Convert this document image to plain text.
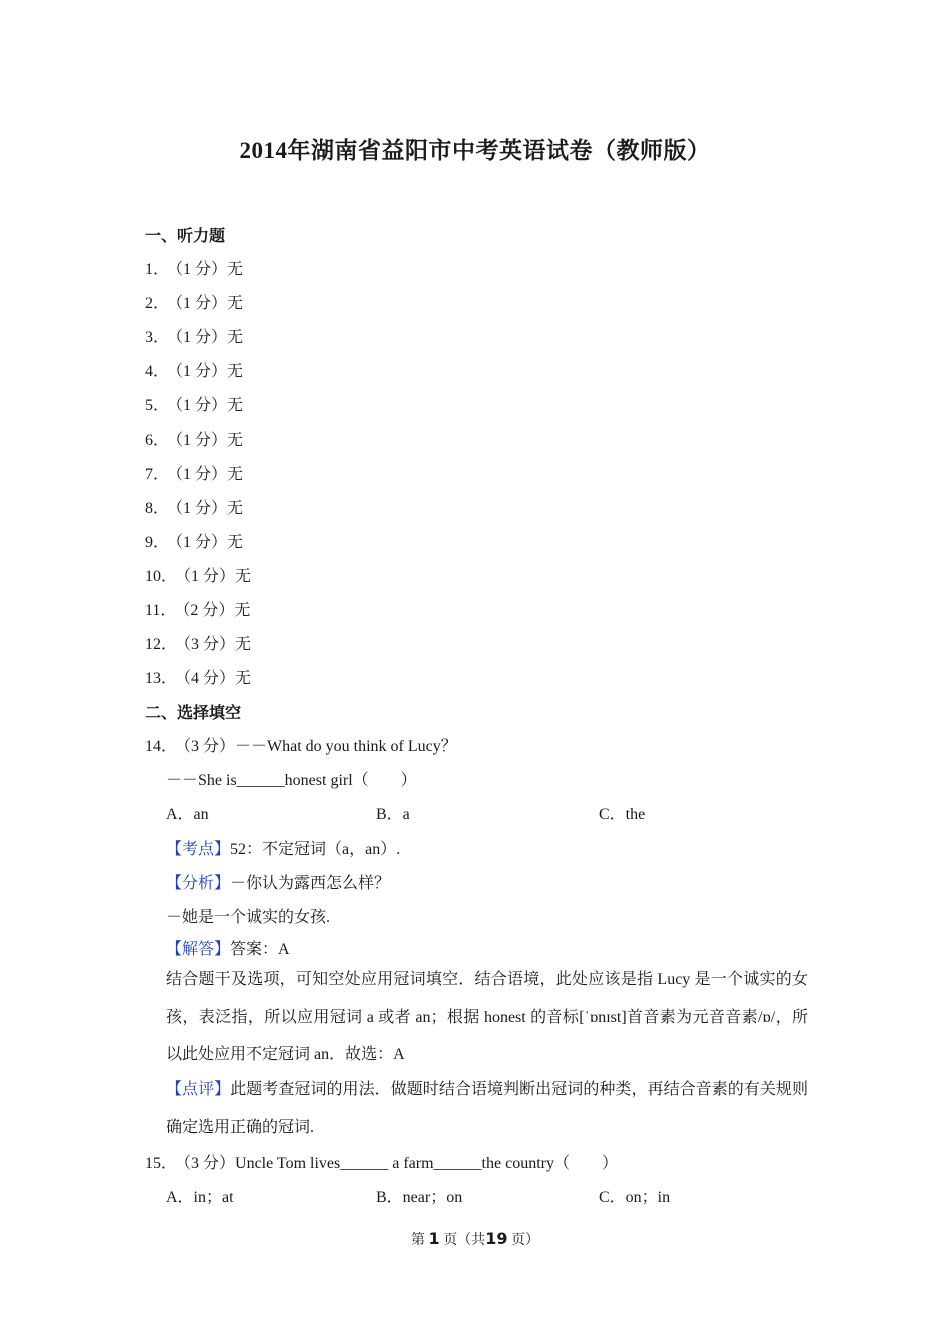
2014年湖南省益阳市中考英语试卷（教师版）
一、听力题
1． （1 分）无
2． （1 分）无
3． （1 分）无
4． （1 分）无
5． （1 分）无
6． （1 分）无
7． （1 分）无
8． （1 分）无
9． （1 分）无
10． （1 分）无
11． （2 分）无
12． （3 分）无
13． （4 分）无
二、选择填空
14． （3 分）－－What do you think of Lucy？
－－She is______honest girl（　　）
A．an	B．a	C．the
【考点】52：不定冠词（a，an）.
【分析】－你认为露西怎么样？
－她是一个诚实的女孩.
【解答】答案：A
结合题干及选项，可知空处应用冠词填空．结合语境，此处应该是指 Lucy 是一个诚实的女孩，表泛指，所以应用冠词 a 或者 an；根据 honest 的音标[ˈɒnɪst]首音素为元音音素/ɒ/，所以此处应用不定冠词 an．故选：A
【点评】此题考查冠词的用法．做题时结合语境判断出冠词的种类，再结合音素的有关规则确定选用正确的冠词.
15． （3 分）Uncle Tom lives______ a farm______the country（　　）
A．in；at	B．near；on	C．on；in
第 1 页（共19 页）
